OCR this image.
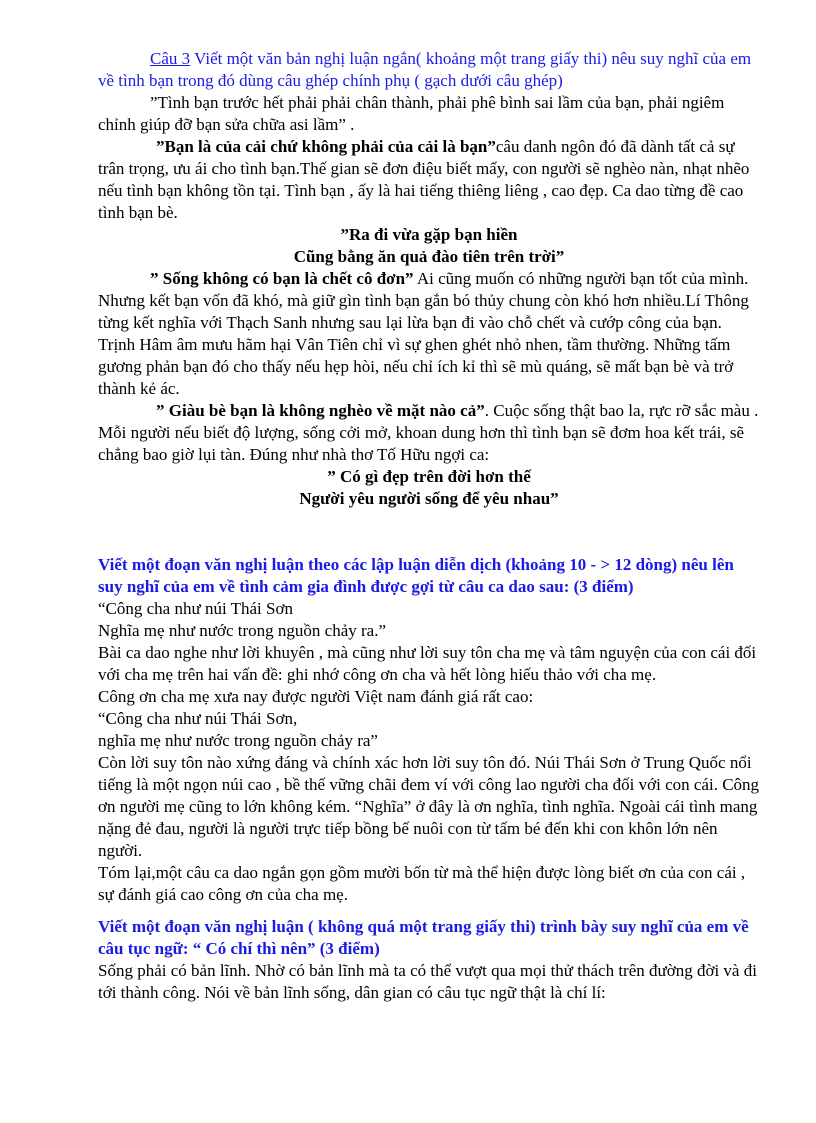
Câu 3 Viết một văn bản nghị luận ngắn( khoảng một trang giấy thi) nêu suy nghĩ của em về tình bạn trong đó dùng câu ghép chính phụ ( gạch dưới câu ghép)

”Tình bạn trước hết phải phải chân thành, phải phê bình sai lầm của bạn, phải ngiêm chỉnh giúp đỡ bạn sửa chữa asi lầm” .

”Bạn là của cải chứ không phải của cải là bạn”câu danh ngôn đó đã dành tất cả sự trân trọng, ưu ái cho tình bạn.Thế gian sẽ đơn điệu biết mấy, con người sẽ nghèo nàn, nhạt nhẽo nếu tình bạn không tồn tại. Tình bạn , ấy là hai tiếng thiêng liêng , cao đẹp. Ca dao từng đề cao tình bạn bè.

”Ra đi vừa gặp bạn hiền

Cũng bằng ăn quả đào tiên trên trời”

” Sống không có bạn là chết cô đơn” Ai cũng muốn có những người bạn tốt của mình. Nhưng kết bạn vốn đã khó, mà giữ gìn tình bạn gắn bó thủy chung còn khó hơn nhiều.Lí Thông từng kết nghĩa với Thạch Sanh nhưng sau lại lừa bạn đi vào chỗ chết và cướp công của bạn. Trịnh Hâm âm mưu hãm hại Vân Tiên chỉ vì sự ghen ghét nhỏ nhen, tầm thường. Những tấm gương phản bạn đó cho thấy nếu hẹp hòi, nếu chỉ ích kỉ thì sẽ mù quáng, sẽ mất bạn bè và trở thành kẻ ác.

” Giàu bè bạn là không nghèo về mặt nào cả”. Cuộc sống thật bao la, rực rỡ sắc màu . Mỗi người nếu biết độ lượng, sống cởi mở, khoan dung hơn thì tình bạn sẽ đơm hoa kết trái, sẽ chẳng bao giờ lụi tàn. Đúng như nhà thơ Tố Hữu ngợi ca:

” Có gì đẹp trên đời hơn thế

Người yêu người sống để yêu nhau”

Viết một đoạn văn nghị luận theo các lập luận diễn dịch (khoảng 10 - > 12 dòng) nêu lên suy nghĩ của em về tình cảm gia đình được gợi từ câu ca dao sau: (3 điểm)

“Công cha như núi Thái Sơn

Nghĩa mẹ như nước trong nguồn chảy ra.”

Bài ca dao nghe như lời khuyên , mà cũng như lời suy tôn cha mẹ và tâm nguyện của con cái đối với cha mẹ trên hai vấn đề: ghi nhớ công ơn cha và hết lòng hiếu thảo với cha mẹ.

Công ơn cha mẹ xưa nay được người Việt nam đánh giá rất cao:

“Công cha như núi Thái Sơn,

nghĩa mẹ như nước trong nguồn chảy ra”

Còn lời suy tôn nào xứng đáng và chính xác hơn lời suy tôn đó. Núi Thái Sơn ở Trung Quốc nổi tiếng là một ngọn núi cao , bề thế vững chãi đem ví với công lao người cha đối với con cái. Công ơn người mẹ cũng to lớn không kém. “Nghĩa” ở đây là ơn nghĩa, tình nghĩa. Ngoài cái tình mang nặng đẻ đau, người là người trực tiếp bồng bế nuôi con từ tấm bé đến khi con khôn lớn nên người.

Tóm lại,một câu ca dao ngắn gọn gồm mười bốn từ mà thể hiện được lòng biết ơn của con cái , sự đánh giá cao công ơn của cha mẹ.

Viết một đoạn văn nghị luận ( không quá một trang giấy thi) trình bày suy nghĩ của em về câu tục ngữ: “ Có chí thì nên” (3 điểm)

Sống phải có bản lĩnh. Nhờ có bản lĩnh mà ta có thể vượt qua mọi thử thách trên đường đời và đi tới thành công. Nói về bản lĩnh sống, dân gian có câu tục ngữ thật là chí lí:
